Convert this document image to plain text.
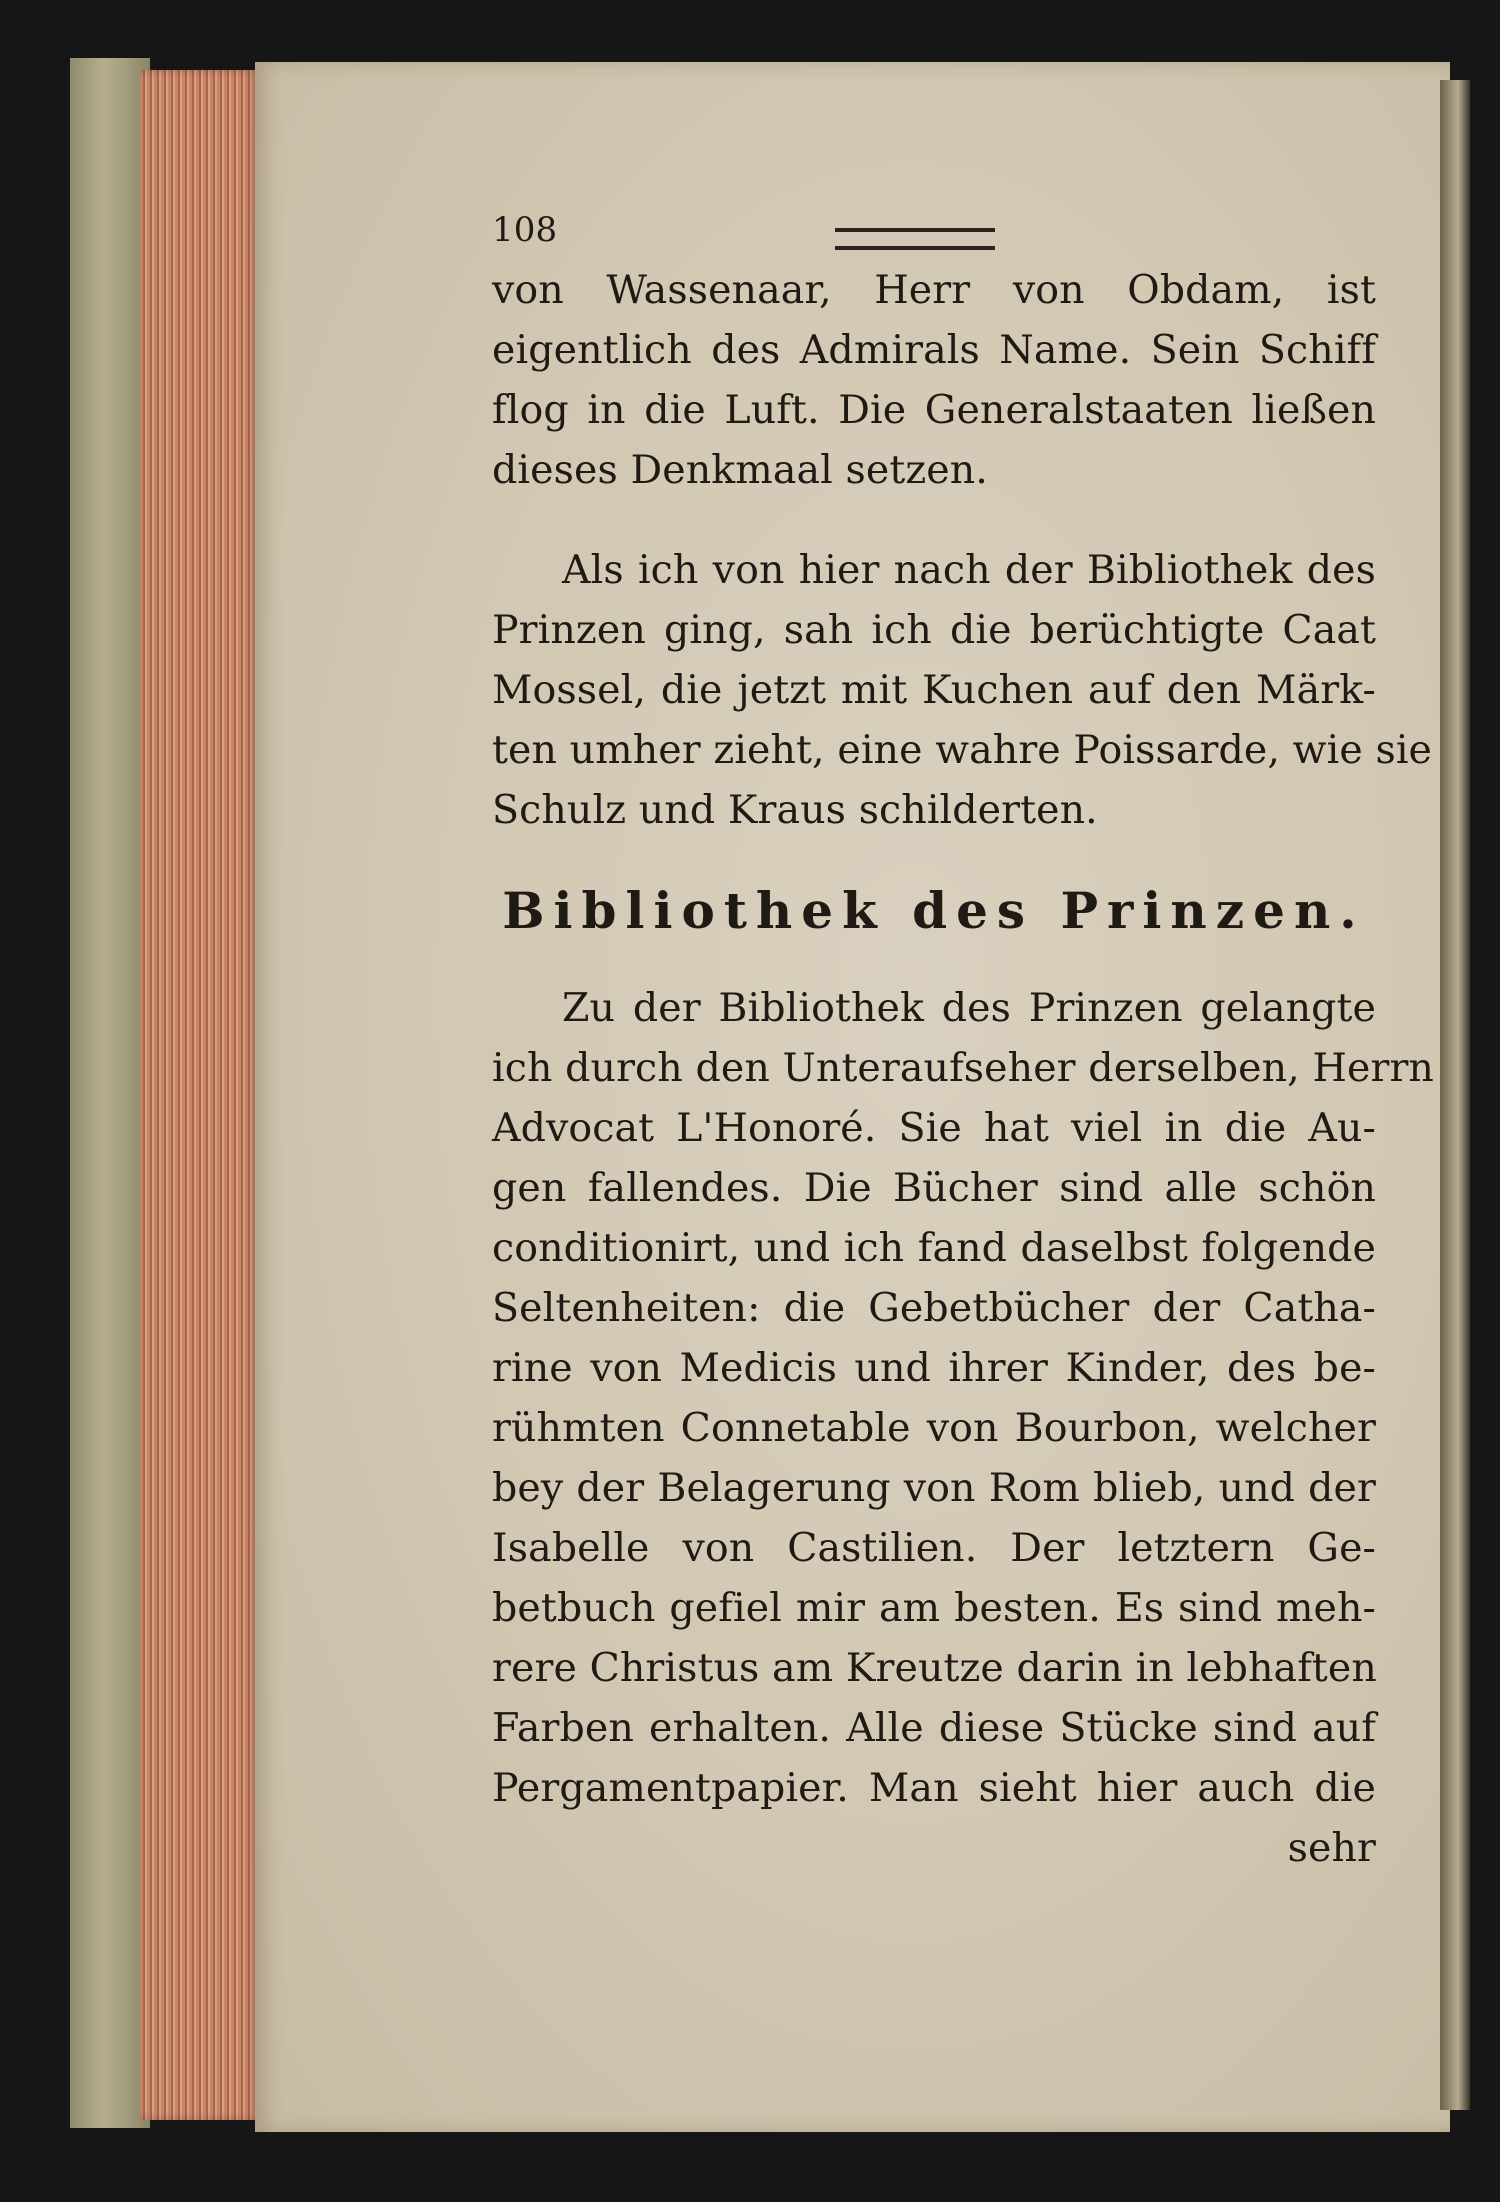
108
von Wassenaar, Herr von Obdam, ist
eigentlich des Admirals Name. Sein Schiff
flog in die Luft. Die Generalstaaten ließen
dieses Denkmaal setzen.
Als ich von hier nach der Bibliothek des
Prinzen ging, sah ich die berüchtigte Caat
Mossel, die jetzt mit Kuchen auf den Märk-
ten umher zieht, eine wahre Poissarde, wie sie
Schulz und Kraus schilderten.
Bibliothek des Prinzen.
Zu der Bibliothek des Prinzen gelangte
ich durch den Unteraufseher derselben, Herrn
Advocat L'Honoré. Sie hat viel in die Au-
gen fallendes. Die Bücher sind alle schön
conditionirt, und ich fand daselbst folgende
Seltenheiten: die Gebetbücher der Catha-
rine von Medicis und ihrer Kinder, des be-
rühmten Connetable von Bourbon, welcher
bey der Belagerung von Rom blieb, und der
Isabelle von Castilien. Der letztern Ge-
betbuch gefiel mir am besten. Es sind meh-
rere Christus am Kreutze darin in lebhaften
Farben erhalten. Alle diese Stücke sind auf
Pergamentpapier. Man sieht hier auch die
sehr
